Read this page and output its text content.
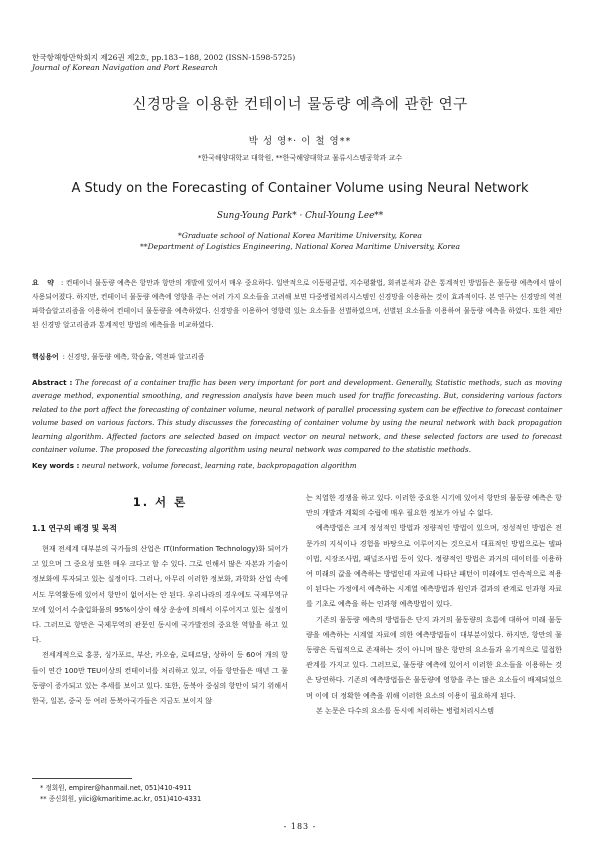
한국항해항만학회지 제26권 제2호, pp.183~188, 2002 (ISSN-1598-5725)
Journal of Korean Navigation and Port Research
신경망을 이용한 컨테이너 물동량 예측에 관한 연구
박 성 영*· 이 철 영**
*한국해양대학교 대학원, **한국해양대학교 물류시스템공학과 교수
A Study on the Forecasting of Container Volume using Neural Network
Sung-Young Park* · Chul-Young Lee**
*Graduate school of National Korea Maritime University, Korea
**Department of Logistics Engineering, National Korea Maritime University, Korea
요 약 : 컨테이너 물동량 예측은 항만과 항만의 개발에 있어서 매우 중요하다. 일반적으로 이동평균법, 지수평활법, 회귀분석과 같은 통계적인 방법들은 물동량 예측에서 많이 사용되어졌다. 하지만, 컨테이너 물동량 예측에 영향을 주는 여러 가지 요소들을 고려해 보면 다중병렬처리시스템인 신경망을 이용하는 것이 효과적이다. 본 연구는 신경망의 역전파학습알고리즘을 이용하여 컨테이너 물동량을 예측하였다. 신경망을 이용하여 영향력 있는 요소들을 선별하였으며, 선별된 요소들을 이용하여 물동량 예측을 하였다. 또한 제안된 신경망 알고리즘과 통계적인 방법의 예측들을 비교하였다.
핵심용어 : 신경망, 물동량 예측, 학습율, 역전파 알고리즘
Abstract : The forecast of a container traffic has been very important for port and development. Generally, Statistic methods, such as moving average method, exponential smoothing, and regression analysis have been much used for traffic forecasting. But, considering various factors related to the port affect the forecasting of container volume, neural network of parallel processing system can be effective to forecast container volume based on various factors. This study discusses the forecasting of container volume by using the neural network with back propagation learning algorithm. Affected factors are selected based on impact vector on neural network, and these selected factors are used to forecast container volume. The proposed the forecasting algorithm using neural network was compared to the statistic methods.
Key words : neural network, volume forecast, learning rate, backpropagation algorithm
1. 서 론
1.1 연구의 배경 및 목적

현재 전세계 대부분의 국가들의 산업은 IT(Information Technology)화 되어가고 있으며 그 중요성 또한 매우 크다고 할 수 있다. 그로 인해서 많은 자본과 기술이 정보화에 투자되고 있는 실정이다. 그러나, 아무리 이러한 정보화, 과학화 산업 속에서도 무역활동에 있어서 항만이 없어서는 안 된다. 우리나라의 경우에도 국제무역규모에 있어서 수출입화물의 95%이상이 해상 운송에 의해서 이루어지고 있는 실정이다. 그러므로 항만은 국제무역의 관문인 동시에 국가발전의 중요한 역할을 하고 있다.

전세계적으로 홍콩, 싱가포르, 부산, 카오슝, 로테르담, 상하이 등 60여 개의 항들이 연간 100만 TEU이상의 컨테이너를 처리하고 있고, 이들 항만들은 매년 그 물동량이 증가되고 있는 추세를 보이고 있다. 또한, 동북아 중심의 항만이 되기 위해서 한국, 일본, 중국 등 여러 동북아국가들은 지금도 보이지 않

는 치열한 경쟁을 하고 있다. 이러한 중요한 시기에 있어서 항만의 물동량 예측은 항만의 개발과 계획의 수립에 매우 필요한 정보가 아닐 수 없다.

예측방법은 크게 정성적인 방법과 정량적인 방법이 있으며, 정성적인 방법은 전문가의 지식이나 경험을 바탕으로 이루어지는 것으로서 대표적인 방법으로는 델파이법, 시장조사법, 패널조사법 등이 있다. 정량적인 방법은 과거의 데이터를 이용하여 미래의 값을 예측하는 방법인데 자료에 나타난 패턴이 미래에도 연속적으로 적용이 된다는 가정에서 예측하는 시계열 예측방법과 원인과 결과의 관계로 인과형 자료를 기초로 예측을 하는 인과형 예측방법이 있다.

기존의 물동량 예측의 방법들은 단지 과거의 물동량의 흐름에 대하여 미래 물동량을 예측하는 시계열 자료에 의한 예측방법들이 대부분이었다. 하지만, 항만의 물동량은 독립적으로 존재하는 것이 아니며 많은 항만의 요소들과 유기적으로 밀접한 관계를 가지고 있다. 그러므로, 물동량 예측에 있어서 이러한 요소들을 이용하는 것은 당연하다. 기존의 예측방법들은 물동량에 영향을 주는 많은 요소들이 배제되었으며 이에 더 정확한 예측을 위해 이러한 요소의 이용이 필요하게 된다.

본 논문은 다수의 요소를 동시에 처리하는 병렬처리시스템

* 정회원, empirer@hanmail.net, 051)410-4911
** 종신회원, yiici@kmaritime.ac.kr, 051)410-4331
- 183 -
